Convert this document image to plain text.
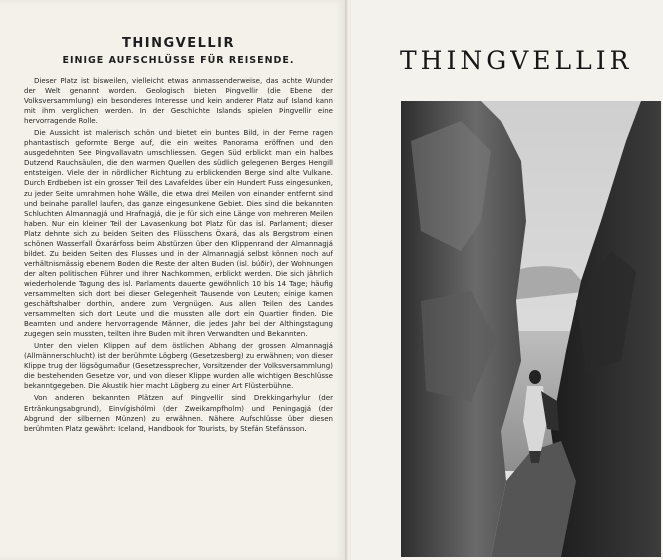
THINGVELLIR
EINIGE AUFSCHLÜSSE FÜR REISENDE.

Dieser Platz ist bisweilen, vielleicht etwas anmassenderweise, das achte Wunder der Welt genannt worden. Geologisch bieten Þingvellir (die Ebene der Volksversammlung) ein besonderes Interesse und kein anderer Platz auf Island kann mit ihm verglichen werden. In der Geschichte Islands spielen Þingvellir eine hervorragende Rolle.

Die Aussicht ist malerisch schön und bietet ein buntes Bild, in der Ferne ragen phantastisch geformte Berge auf, die ein weites Panorama eröffnen und den ausgedehnten See Þingvallavatn umschliessen. Gegen Süd erblickt man ein halbes Dutzend Rauchsäulen, die den warmen Quellen des südlich gelegenen Berges Hengill entsteigen. Viele der in nördlicher Richtung zu erblickenden Berge sind alte Vulkane. Durch Erdbeben ist ein grosser Teil des Lavafeldes über ein Hundert Fuss eingesunken, zu jeder Seite umrahmen hohe Wälle, die etwa drei Meilen von einander entfernt sind und beinahe parallel laufen, das ganze eingesunkene Gebiet. Dies sind die bekannten Schluchten Almannagjá und Hrafnagjá, die je für sich eine Länge von mehreren Meilen haben. Nur ein kleiner Teil der Lavasenkung bot Platz für das isl. Parlament; dieser Platz dehnte sich zu beiden Seiten des Flüsschens Öxará, das als Bergstrom einen schönen Wasserfall Öxarárfoss beim Abstürzen über den Klippenrand der Almannagjá bildet. Zu beiden Seiten des Flusses und in der Almannagjá selbst können noch auf verhältnismässig ebenem Boden die Reste der alten Buden (isl. búðir), der Wohnungen der alten politischen Führer und ihrer Nachkommen, erblickt werden. Die sich jährlich wiederholende Tagung des isl. Parlaments dauerte gewöhnlich 10 bis 14 Tage; häufig versammelten sich dort bei dieser Gelegenheit Tausende von Leuten; einige kamen geschäftshalber dorthin, andere zum Vergnügen. Aus allen Teilen des Landes versammelten sich dort Leute und die mussten alle dort ein Quartier finden. Die Beamten und andere hervorragende Männer, die jedes Jahr bei der Althingstagung zugegen sein mussten, teilten ihre Buden mit ihren Verwandten und Bekannten.

Unter den vielen Klippen auf dem östlichen Abhang der grossen Almannagjá (Allmännerschlucht) ist der berühmte Lögberg (Gesetzesberg) zu erwähnen; von dieser Klippe trug der lögsögumaður (Gesetzessprecher, Vorsitzender der Volksversammlung) die bestehenden Gesetze vor, und von dieser Klippe wurden alle wichtigen Beschlüsse bekanntgegeben. Die Akustik hier macht Lögberg zu einer Art Flüsterbühne.

Von anderen bekannten Plätzen auf Þingvellir sind Drekkingarhylur (der Ertränkungsabgrund), Einvígishólmi (der Zweikampfholm) und Peningagjá (der Abgrund der silbernen Münzen) zu erwähnen. Nähere Aufschlüsse über diesen berühmten Platz gewährt: Iceland, Handbook for Tourists, by Stefán Stefánsson.

THINGVELLIR
